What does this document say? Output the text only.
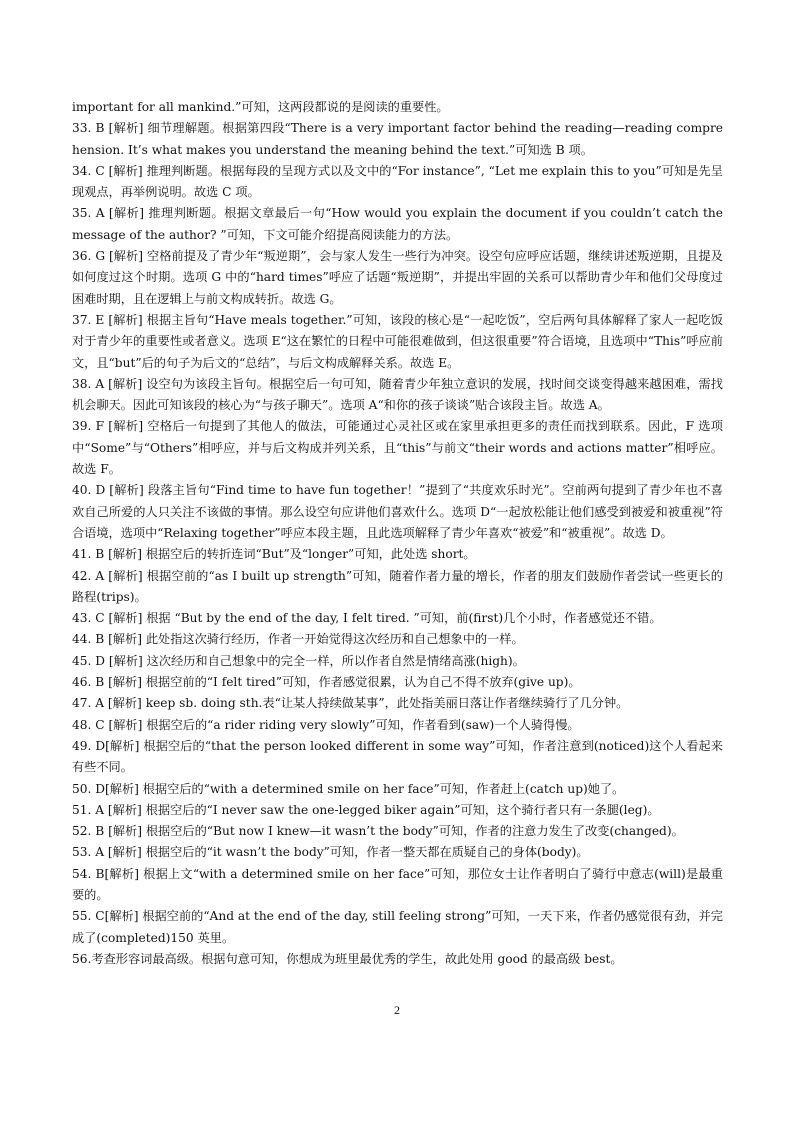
important for all mankind.”可知，这两段都说的是阅读的重要性。

33. B [解析] 细节理解题。根据第四段“There is a very important factor behind the reading—reading comprehension. It’s what makes you understand the meaning behind the text.”可知选 B 项。

34. C [解析] 推理判断题。根据每段的呈现方式以及文中的“For instance”, “Let me explain this to you”可知是先呈现观点，再举例说明。故选 C 项。

35. A [解析] 推理判断题。根据文章最后一句“How would you explain the document if you couldn’t catch the message of the author? ”可知，下文可能介绍提高阅读能力的方法。

36. G [解析] 空格前提及了青少年“叛逆期”，会与家人发生一些行为冲突。设空句应呼应话题，继续讲述叛逆期，且提及如何度过这个时期。选项 G 中的“hard times”呼应了话题“叛逆期”，并提出牢固的关系可以帮助青少年和他们父母度过困难时期，且在逻辑上与前文构成转折。故选 G。

37. E [解析] 根据主旨句“Have meals together.”可知，该段的核心是“一起吃饭”，空后两句具体解释了家人一起吃饭对于青少年的重要性或者意义。选项 E“这在繁忙的日程中可能很难做到，但这很重要”符合语境，且选项中“This”呼应前文，且“but”后的句子为后文的“总结”，与后文构成解释关系。故选 E。

38. A [解析] 设空句为该段主旨句。根据空后一句可知，随着青少年独立意识的发展，找时间交谈变得越来越困难，需找机会聊天。因此可知该段的核心为“与孩子聊天”。选项 A“和你的孩子谈谈”贴合该段主旨。故选 A。

39. F [解析] 空格后一句提到了其他人的做法，可能通过心灵社区或在家里承担更多的责任而找到联系。因此，F 选项中“Some”与“Others”相呼应，并与后文构成并列关系，且“this”与前文“their words and actions matter”相呼应。故选 F。

40. D [解析] 段落主旨句“Find time to have fun together！”提到了“共度欢乐时光”。空前两句提到了青少年也不喜欢自己所爱的人只关注不该做的事情。那么设空句应讲他们喜欢什么。选项 D“一起放松能让他们感受到被爱和被重视”符合语境，选项中“Relaxing together”呼应本段主题，且此选项解释了青少年喜欢“被爱”和“被重视”。故选 D。

41. B [解析] 根据空后的转折连词“But”及“longer”可知，此处选 short。

42. A [解析] 根据空前的“as I built up strength”可知，随着作者力量的增长，作者的朋友们鼓励作者尝试一些更长的路程(trips)。

43. C [解析] 根据 “But by the end of the day, I felt tired. ”可知，前(first)几个小时，作者感觉还不错。

44. B [解析] 此处指这次骑行经历，作者一开始觉得这次经历和自己想象中的一样。

45. D [解析] 这次经历和自己想象中的完全一样，所以作者自然是情绪高涨(high)。

46. B [解析] 根据空前的“I felt tired”可知，作者感觉很累，认为自己不得不放弃(give up)。

47. A [解析] keep sb. doing sth.表“让某人持续做某事”，此处指美丽日落让作者继续骑行了几分钟。

48. C [解析] 根据空后的“a rider riding very slowly”可知，作者看到(saw)一个人骑得慢。

49. D[解析] 根据空后的“that the person looked different in some way”可知，作者注意到(noticed)这个人看起来有些不同。

50. D[解析] 根据空后的“with a determined smile on her face”可知，作者赶上(catch up)她了。

51. A [解析] 根据空后的“I never saw the one-legged biker again”可知，这个骑行者只有一条腿(leg)。

52. B [解析] 根据空后的“But now I knew—it wasn’t the body”可知，作者的注意力发生了改变(changed)。

53. A [解析] 根据空后的“it wasn’t the body”可知，作者一整天都在质疑自己的身体(body)。

54. B[解析] 根据上文“with a determined smile on her face”可知，那位女士让作者明白了骑行中意志(will)是最重要的。

55. C[解析] 根据空前的“And at the end of the day, still feeling strong”可知，一天下来，作者仍感觉很有劲，并完成了(completed)150 英里。

56.考查形容词最高级。根据句意可知，你想成为班里最优秀的学生，故此处用 good 的最高级 best。

2
